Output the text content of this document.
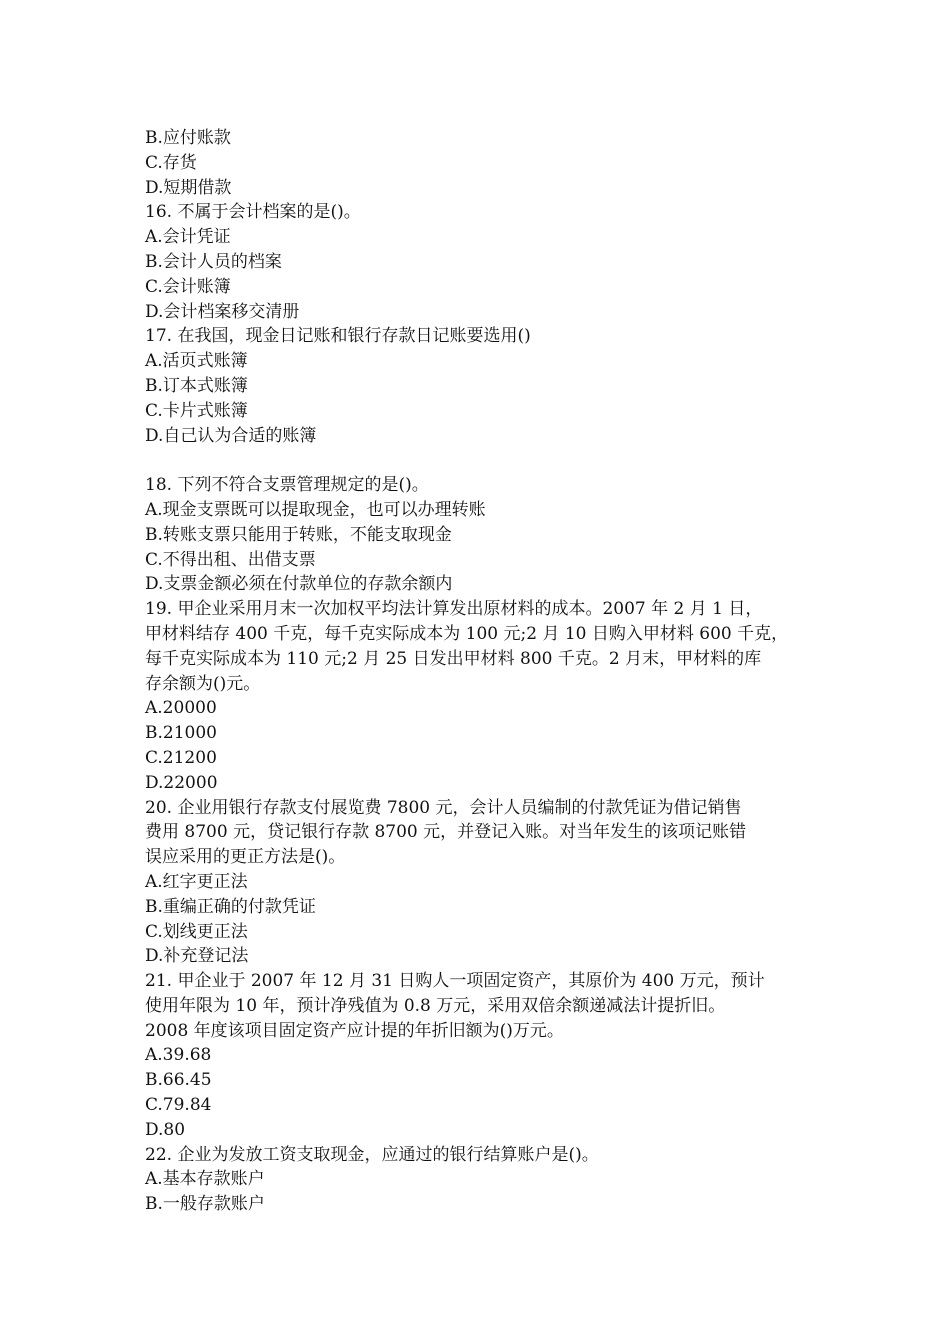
B.应付账款
C.存货
D.短期借款
16. 不属于会计档案的是()。
A.会计凭证
B.会计人员的档案
C.会计账簿
D.会计档案移交清册
17. 在我国，现金日记账和银行存款日记账要选用()
A.活页式账簿
B.订本式账簿
C.卡片式账簿
D.自己认为合适的账簿
18. 下列不符合支票管理规定的是()。
A.现金支票既可以提取现金，也可以办理转账
B.转账支票只能用于转账，不能支取现金
C.不得出租、出借支票
D.支票金额必须在付款单位的存款余额内
19. 甲企业采用月末一次加权平均法计算发出原材料的成本。2007 年 2 月 1 日，
甲材料结存 400 千克，每千克实际成本为 100 元;2 月 10 日购入甲材料 600 千克，
每千克实际成本为 110 元;2 月 25 日发出甲材料 800 千克。2 月末，甲材料的库
存余额为()元。
A.20000
B.21000
C.21200
D.22000
20. 企业用银行存款支付展览费 7800 元，会计人员编制的付款凭证为借记销售
费用 8700 元，贷记银行存款 8700 元，并登记入账。对当年发生的该项记账错
误应采用的更正方法是()。
A.红字更正法
B.重编正确的付款凭证
C.划线更正法
D.补充登记法
21. 甲企业于 2007 年 12 月 31 日购人一项固定资产，其原价为 400 万元，预计
使用年限为 10 年，预计净残值为 0.8 万元，采用双倍余额递减法计提折旧。
2008 年度该项目固定资产应计提的年折旧额为()万元。
A.39.68
B.66.45
C.79.84
D.80
22. 企业为发放工资支取现金，应通过的银行结算账户是()。
A.基本存款账户
B.一般存款账户
